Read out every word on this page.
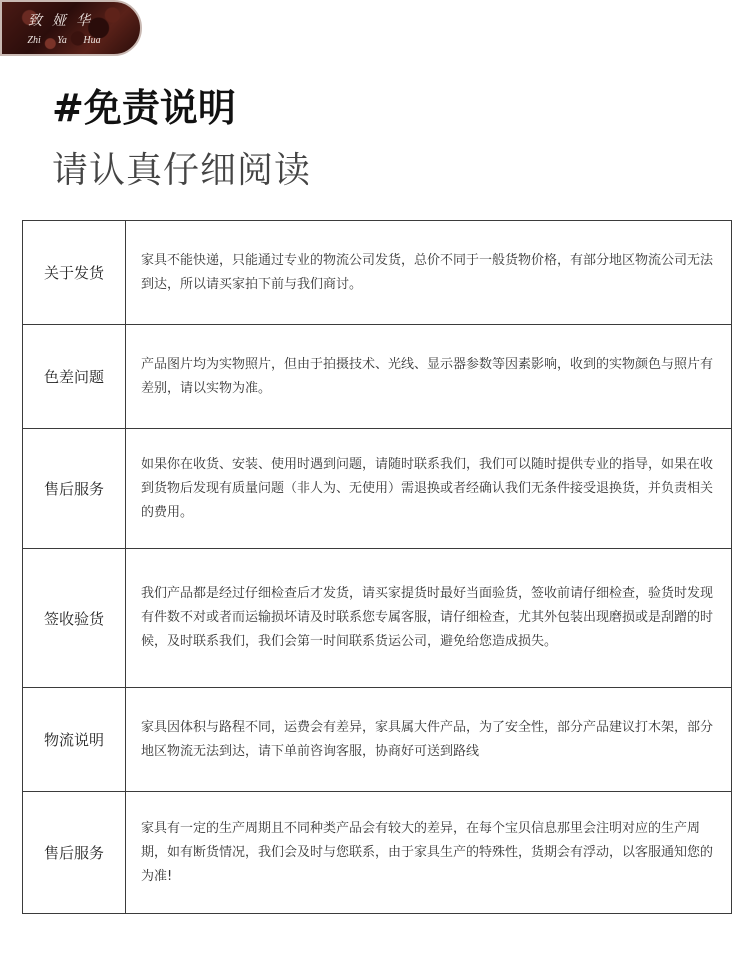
致娅华
Zhi Ya Hua
#免责说明
请认真仔细阅读
关于发货	家具不能快递，只能通过专业的物流公司发货，总价不同于一般货物价格，有部分地区物流公司无法到达，所以请买家拍下前与我们商讨。
色差问题	产品图片均为实物照片，但由于拍摄技术、光线、显示器参数等因素影响，收到的实物颜色与照片有差别，请以实物为准。
售后服务	如果你在收货、安装、使用时遇到问题，请随时联系我们，我们可以随时提供专业的指导，如果在收到货物后发现有质量问题（非人为、无使用）需退换或者经确认我们无条件接受退换货，并负责相关的费用。
签收验货	我们产品都是经过仔细检查后才发货，请买家提货时最好当面验货，签收前请仔细检查，验货时发现有件数不对或者而运输损坏请及时联系您专属客服，请仔细检查，尤其外包装出现磨损或是刮蹭的时候，及时联系我们，我们会第一时间联系货运公司，避免给您造成损失。
物流说明	家具因体积与路程不同，运费会有差异，家具属大件产品，为了安全性，部分产品建议打木架，部分地区物流无法到达，请下单前咨询客服，协商好可送到路线
售后服务	家具有一定的生产周期且不同种类产品会有较大的差异，在每个宝贝信息那里会注明对应的生产周期，如有断货情况，我们会及时与您联系，由于家具生产的特殊性，货期会有浮动，以客服通知您的为准!
